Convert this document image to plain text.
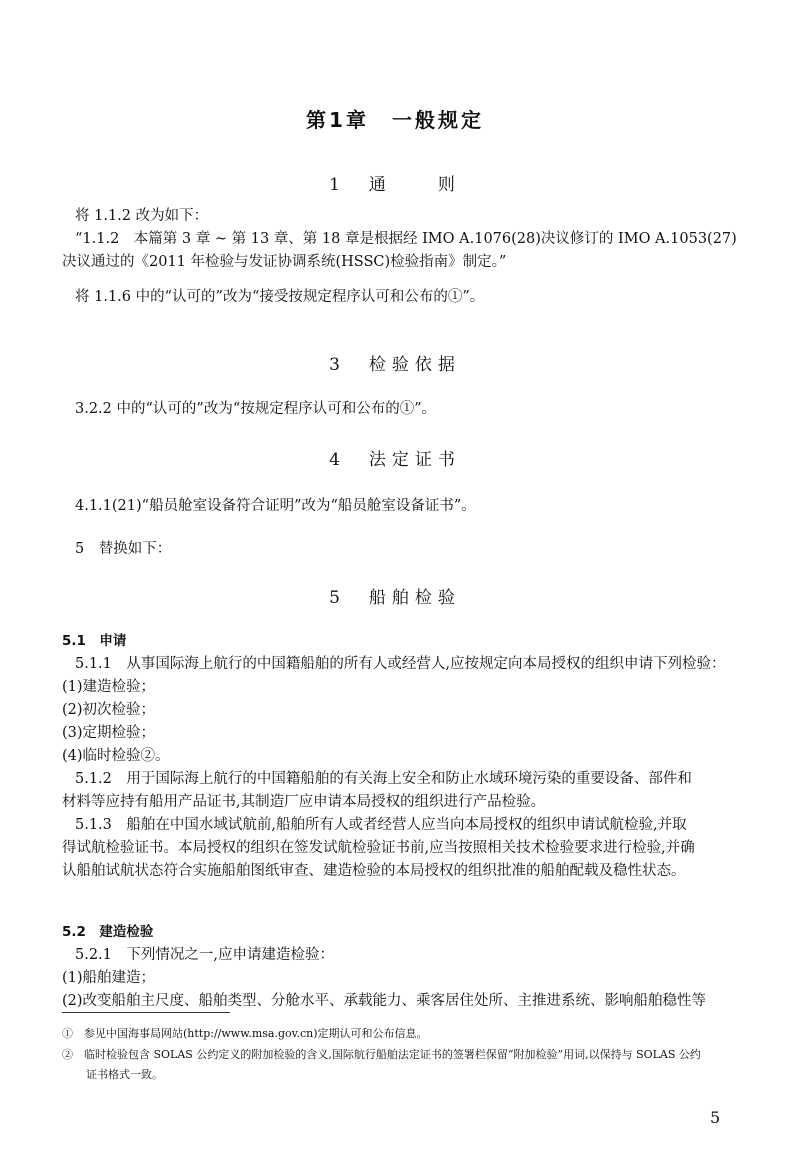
第1章　一般规定
1　通　　则
将 1.1.2 改为如下：
“1.1.2　本篇第 3 章 ~ 第 13 章、第 18 章是根据经 IMO A.1076(28)决议修订的 IMO A.1053(27)
决议通过的《2011 年检验与发证协调系统(HSSC)检验指南》制定。”
将 1.1.6 中的“认可的”改为“接受按规定程序认可和公布的①”。
3　检验依据
3.2.2 中的“认可的”改为“按规定程序认可和公布的①”。
4　法定证书
4.1.1(21)“船员舱室设备符合证明”改为“船员舱室设备证书”。
5　替换如下：
5　船舶检验
5.1　申请
5.1.1　从事国际海上航行的中国籍船舶的所有人或经营人,应按规定向本局授权的组织申请下列检验：
(1)建造检验；
(2)初次检验；
(3)定期检验；
(4)临时检验②。
5.1.2　用于国际海上航行的中国籍船舶的有关海上安全和防止水域环境污染的重要设备、部件和
材料等应持有船用产品证书,其制造厂应申请本局授权的组织进行产品检验。
5.1.3　船舶在中国水域试航前,船舶所有人或者经营人应当向本局授权的组织申请试航检验,并取
得试航检验证书。本局授权的组织在签发试航检验证书前,应当按照相关技术检验要求进行检验,并确
认船舶试航状态符合实施船舶图纸审查、建造检验的本局授权的组织批准的船舶配载及稳性状态。
5.2　建造检验
5.2.1　下列情况之一,应申请建造检验：
(1)船舶建造；
(2)改变船舶主尺度、船舶类型、分舱水平、承载能力、乘客居住处所、主推进系统、影响船舶稳性等
①　参见中国海事局网站(http://www.msa.gov.cn)定期认可和公布信息。
②　临时检验包含 SOLAS 公约定义的附加检验的含义,国际航行船舶法定证书的签署栏保留“附加检验”用词,以保持与 SOLAS 公约
证书格式一致。
5
